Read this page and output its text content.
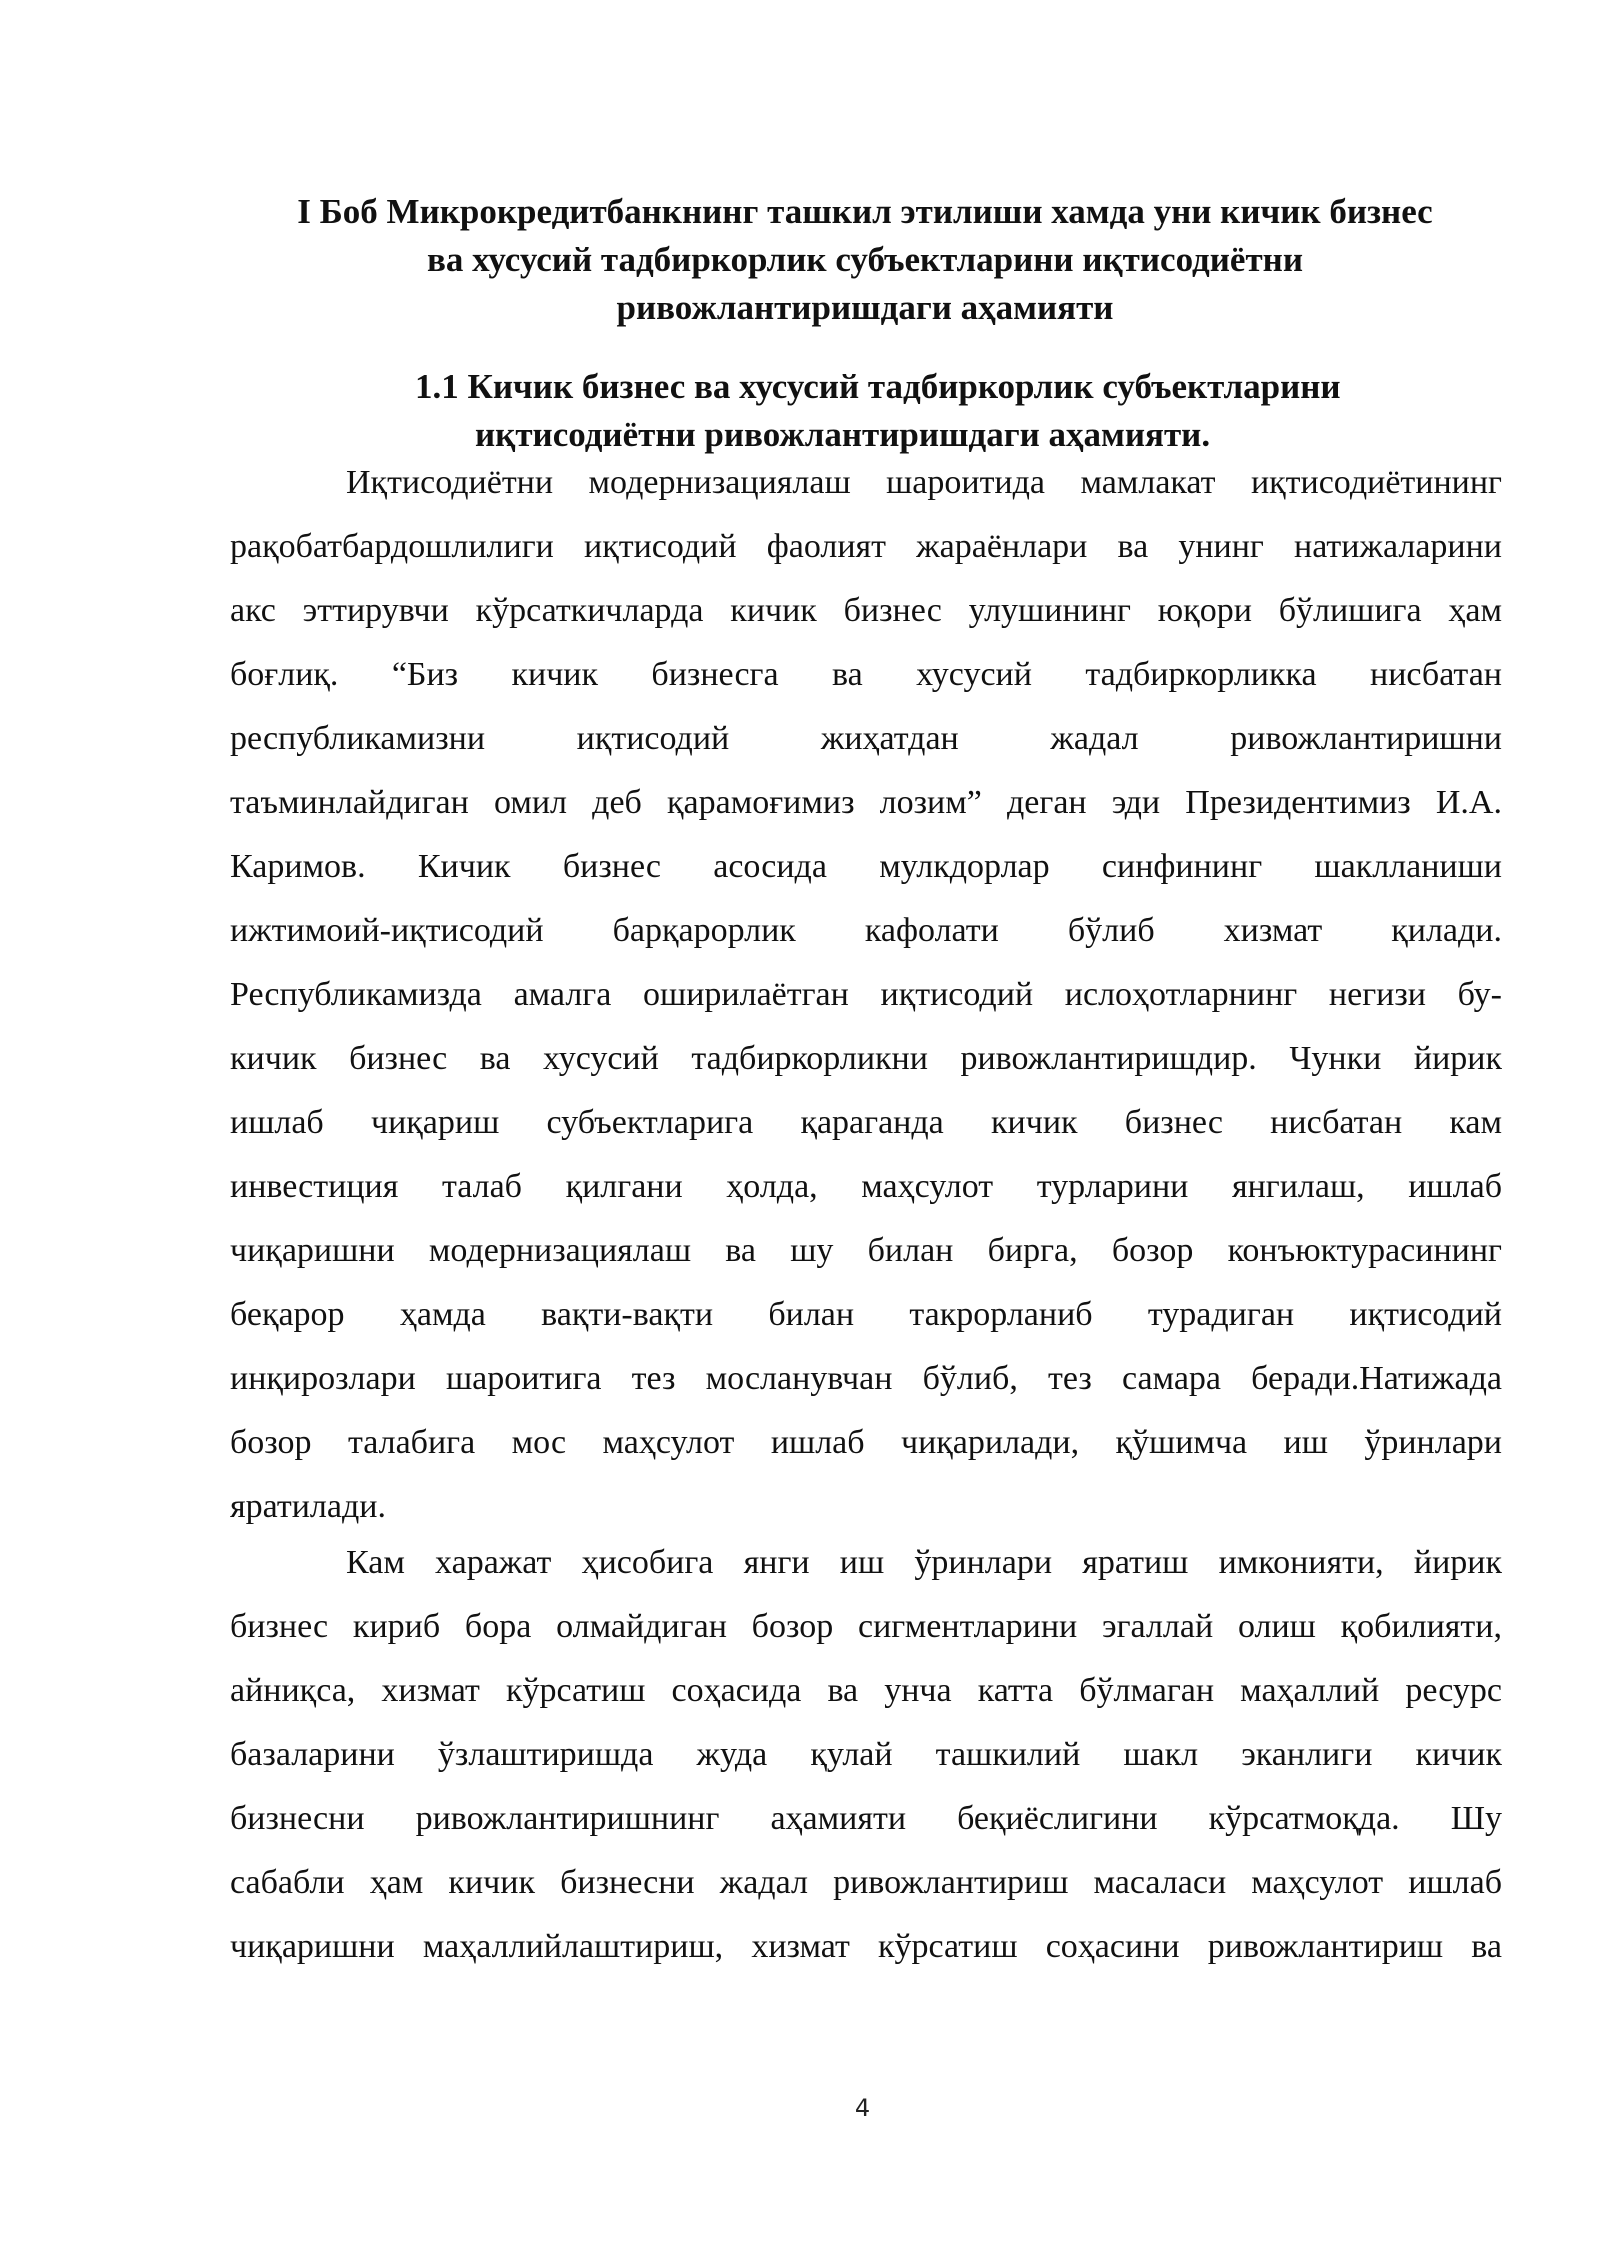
I Боб Микрокредитбанкнинг ташкил этилиши хамда уни кичик бизнес
ва хусусий тадбиркорлик субъектларини иқтисодиётни
ривожлантиришдаги аҳамияти
1.1 Кичик бизнес ва хусусий тадбиркорлик субъектларини
иқтисодиётни ривожлантиришдаги аҳамияти.
Иқтисодиётни модернизациялаш шароитида мамлакат иқтисодиётининг
рақобатбардошлилиги иқтисодий фаолият жараёнлари ва унинг натижаларини
акс эттирувчи кўрсаткичларда кичик бизнес улушининг юқори бўлишига ҳам
боғлиқ. “Биз кичик бизнесга ва хусусий тадбиркорликка нисбатан
республикамизни иқтисодий жиҳатдан жадал ривожлантиришни
таъминлайдиган омил деб қарамоғимиз лозим” деган эди Президентимиз И.А.
Каримов. Кичик бизнес асосида мулкдорлар синфининг шаклланиши
ижтимоий-иқтисодий барқарорлик кафолати бўлиб хизмат қилади.
Республикамизда амалга оширилаётган иқтисодий ислоҳотларнинг негизи бу-
кичик бизнес ва хусусий тадбиркорликни ривожлантиришдир. Чунки йирик
ишлаб чиқариш субъектларига қараганда кичик бизнес нисбатан кам
инвестиция талаб қилгани ҳолда, маҳсулот турларини янгилаш, ишлаб
чиқаришни модернизациялаш ва шу билан бирга, бозор конъюктурасининг
беқарор ҳамда вақти-вақти билан такрорланиб турадиган иқтисодий
инқирозлари шароитига тез мосланувчан бўлиб, тез самара беради.Натижада
бозор талабига мос маҳсулот ишлаб чиқарилади, қўшимча иш ўринлари
яратилади.
Кам харажат ҳисобига янги иш ўринлари яратиш имконияти, йирик
бизнес кириб бора олмайдиган бозор сигментларини эгаллай олиш қобилияти,
айниқса, хизмат кўрсатиш соҳасида ва унча катта бўлмаган маҳаллий ресурс
базаларини ўзлаштиришда жуда қулай ташкилий шакл эканлиги кичик
бизнесни ривожлантиришнинг аҳамияти беқиёслигини кўрсатмоқда. Шу
сабабли ҳам кичик бизнесни жадал ривожлантириш масаласи маҳсулот ишлаб
чиқаришни маҳаллийлаштириш, хизмат кўрсатиш соҳасини ривожлантириш ва
4
